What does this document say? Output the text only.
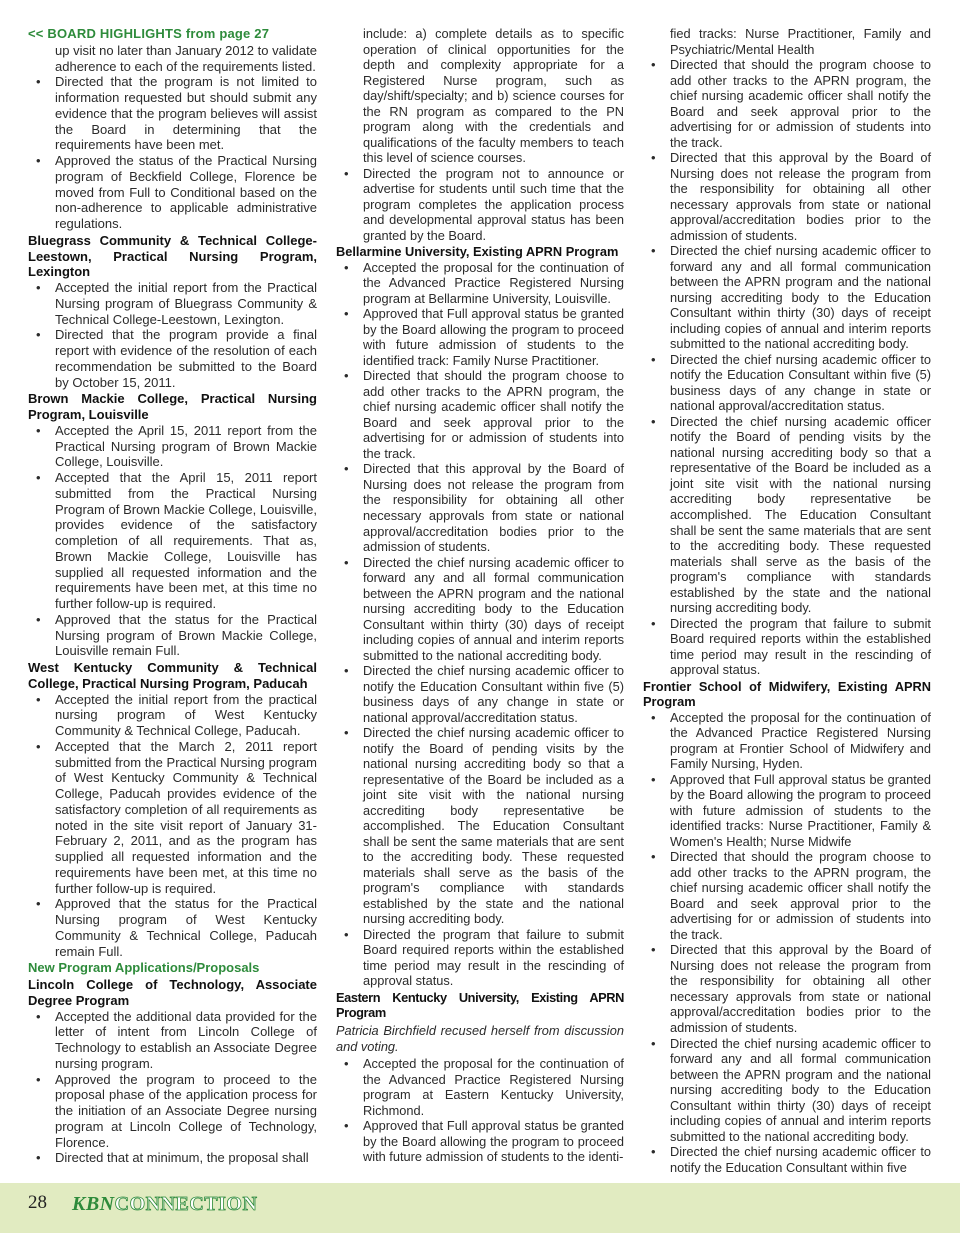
<< BOARD HIGHLIGHTS from page 27

up visit no later than January 2012 to validate adherence to each of the requirements listed.

• Directed that the program is not limited to information requested but should submit any evidence that the program believes will assist the Board in determining that the requirements have been met.
• Approved the status of the Practical Nursing program of Beckfield College, Florence be moved from Full to Conditional based on the non-adherence to applicable administrative regulations.

Bluegrass Community & Technical College-Leestown, Practical Nursing Program, Lexington

• Accepted the initial report from the Practical Nursing program of Bluegrass Community & Technical College-Leestown, Lexington.
• Directed that the program provide a final report with evidence of the resolution of each recommendation be submitted to the Board by October 15, 2011.

Brown Mackie College, Practical Nursing Program, Louisville

• Accepted the April 15, 2011 report from the Practical Nursing program of Brown Mackie College, Louisville.
• Accepted that the April 15, 2011 report submitted from the Practical Nursing Program of Brown Mackie College, Louisville, provides evidence of the satisfactory completion of all requirements. That as, Brown Mackie College, Louisville has supplied all requested information and the requirements have been met, at this time no further follow-up is required.
• Approved that the status for the Practical Nursing program of Brown Mackie College, Louisville remain Full.

West Kentucky Community & Technical College, Practical Nursing Program, Paducah

• Accepted the initial report from the practical nursing program of West Kentucky Community & Technical College, Paducah.
• Accepted that the March 2, 2011 report submitted from the Practical Nursing program of West Kentucky Community & Technical College, Paducah provides evidence of the satisfactory completion of all requirements as noted in the site visit report of January 31-February 2, 2011, and as the program has supplied all requested information and the requirements have been met, at this time no further follow-up is required.
• Approved that the status for the Practical Nursing program of West Kentucky Community & Technical College, Paducah remain Full.

New Program Applications/Proposals

Lincoln College of Technology, Associate Degree Program

• Accepted the additional data provided for the letter of intent from Lincoln College of Technology to establish an Associate Degree nursing program.
• Approved the program to proceed to the proposal phase of the application process for the initiation of an Associate Degree nursing program at Lincoln College of Technology, Florence.
• Directed that at minimum, the proposal shall

include: a) complete details as to specific operation of clinical opportunities for the depth and complexity appropriate for a Registered Nurse program, such as day/shift/specialty; and b) science courses for the RN program as compared to the PN program along with the credentials and qualifications of the faculty members to teach this level of science courses.

• Directed the program not to announce or advertise for students until such time that the program completes the application process and developmental approval status has been granted by the Board.

Bellarmine University, Existing APRN Program

• Accepted the proposal for the continuation of the Advanced Practice Registered Nursing program at Bellarmine University, Louisville.
• Approved that Full approval status be granted by the Board allowing the program to proceed with future admission of students to the identified track: Family Nurse Practitioner.
• Directed that should the program choose to add other tracks to the APRN program, the chief nursing academic officer shall notify the Board and seek approval prior to the advertising for or admission of students into the track.
• Directed that this approval by the Board of Nursing does not release the program from the responsibility for obtaining all other necessary approvals from state or national approval/accreditation bodies prior to the admission of students.
• Directed the chief nursing academic officer to forward any and all formal communication between the APRN program and the national nursing accrediting body to the Education Consultant within thirty (30) days of receipt including copies of annual and interim reports submitted to the national accrediting body.
• Directed the chief nursing academic officer to notify the Education Consultant within five (5) business days of any change in state or national approval/accreditation status.
• Directed the chief nursing academic officer to notify the Board of pending visits by the national nursing accrediting body so that a representative of the Board be included as a joint site visit with the national nursing accrediting body representative be accomplished. The Education Consultant shall be sent the same materials that are sent to the accrediting body. These requested materials shall serve as the basis of the program's compliance with standards established by the state and the national nursing accrediting body.
• Directed the program that failure to submit Board required reports within the established time period may result in the rescinding of approval status.

Eastern Kentucky University, Existing APRN Program

Patricia Birchfield recused herself from discussion and voting.

• Accepted the proposal for the continuation of the Advanced Practice Registered Nursing program at Eastern Kentucky University, Richmond.
• Approved that Full approval status be granted by the Board allowing the program to proceed with future admission of students to the identi-

fied tracks: Nurse Practitioner, Family and Psychiatric/Mental Health

• Directed that should the program choose to add other tracks to the APRN program, the chief nursing academic officer shall notify the Board and seek approval prior to the advertising for or admission of students into the track.
• Directed that this approval by the Board of Nursing does not release the program from the responsibility for obtaining all other necessary approvals from state or national approval/accreditation bodies prior to the admission of students.
• Directed the chief nursing academic officer to forward any and all formal communication between the APRN program and the national nursing accrediting body to the Education Consultant within thirty (30) days of receipt including copies of annual and interim reports submitted to the national accrediting body.
• Directed the chief nursing academic officer to notify the Education Consultant within five (5) business days of any change in state or national approval/accreditation status.
• Directed the chief nursing academic officer notify the Board of pending visits by the national nursing accrediting body so that a representative of the Board be included as a joint site visit with the national nursing accrediting body representative be accomplished. The Education Consultant shall be sent the same materials that are sent to the accrediting body. These requested materials shall serve as the basis of the program's compliance with standards established by the state and the national nursing accrediting body.
• Directed the program that failure to submit Board required reports within the established time period may result in the rescinding of approval status.

Frontier School of Midwifery, Existing APRN Program

• Accepted the proposal for the continuation of the Advanced Practice Registered Nursing program at Frontier School of Midwifery and Family Nursing, Hyden.
• Approved that Full approval status be granted by the Board allowing the program to proceed with future admission of students to the identified tracks: Nurse Practitioner, Family & Women's Health; Nurse Midwife
• Directed that should the program choose to add other tracks to the APRN program, the chief nursing academic officer shall notify the Board and seek approval prior to the advertising for or admission of students into the track.
• Directed that this approval by the Board of Nursing does not release the program from the responsibility for obtaining all other necessary approvals from state or national approval/accreditation bodies prior to the admission of students.
• Directed the chief nursing academic officer to forward any and all formal communication between the APRN program and the national nursing accrediting body to the Education Consultant within thirty (30) days of receipt including copies of annual and interim reports submitted to the national accrediting body.
• Directed the chief nursing academic officer to notify the Education Consultant within five
28 KBNCONNECTION
